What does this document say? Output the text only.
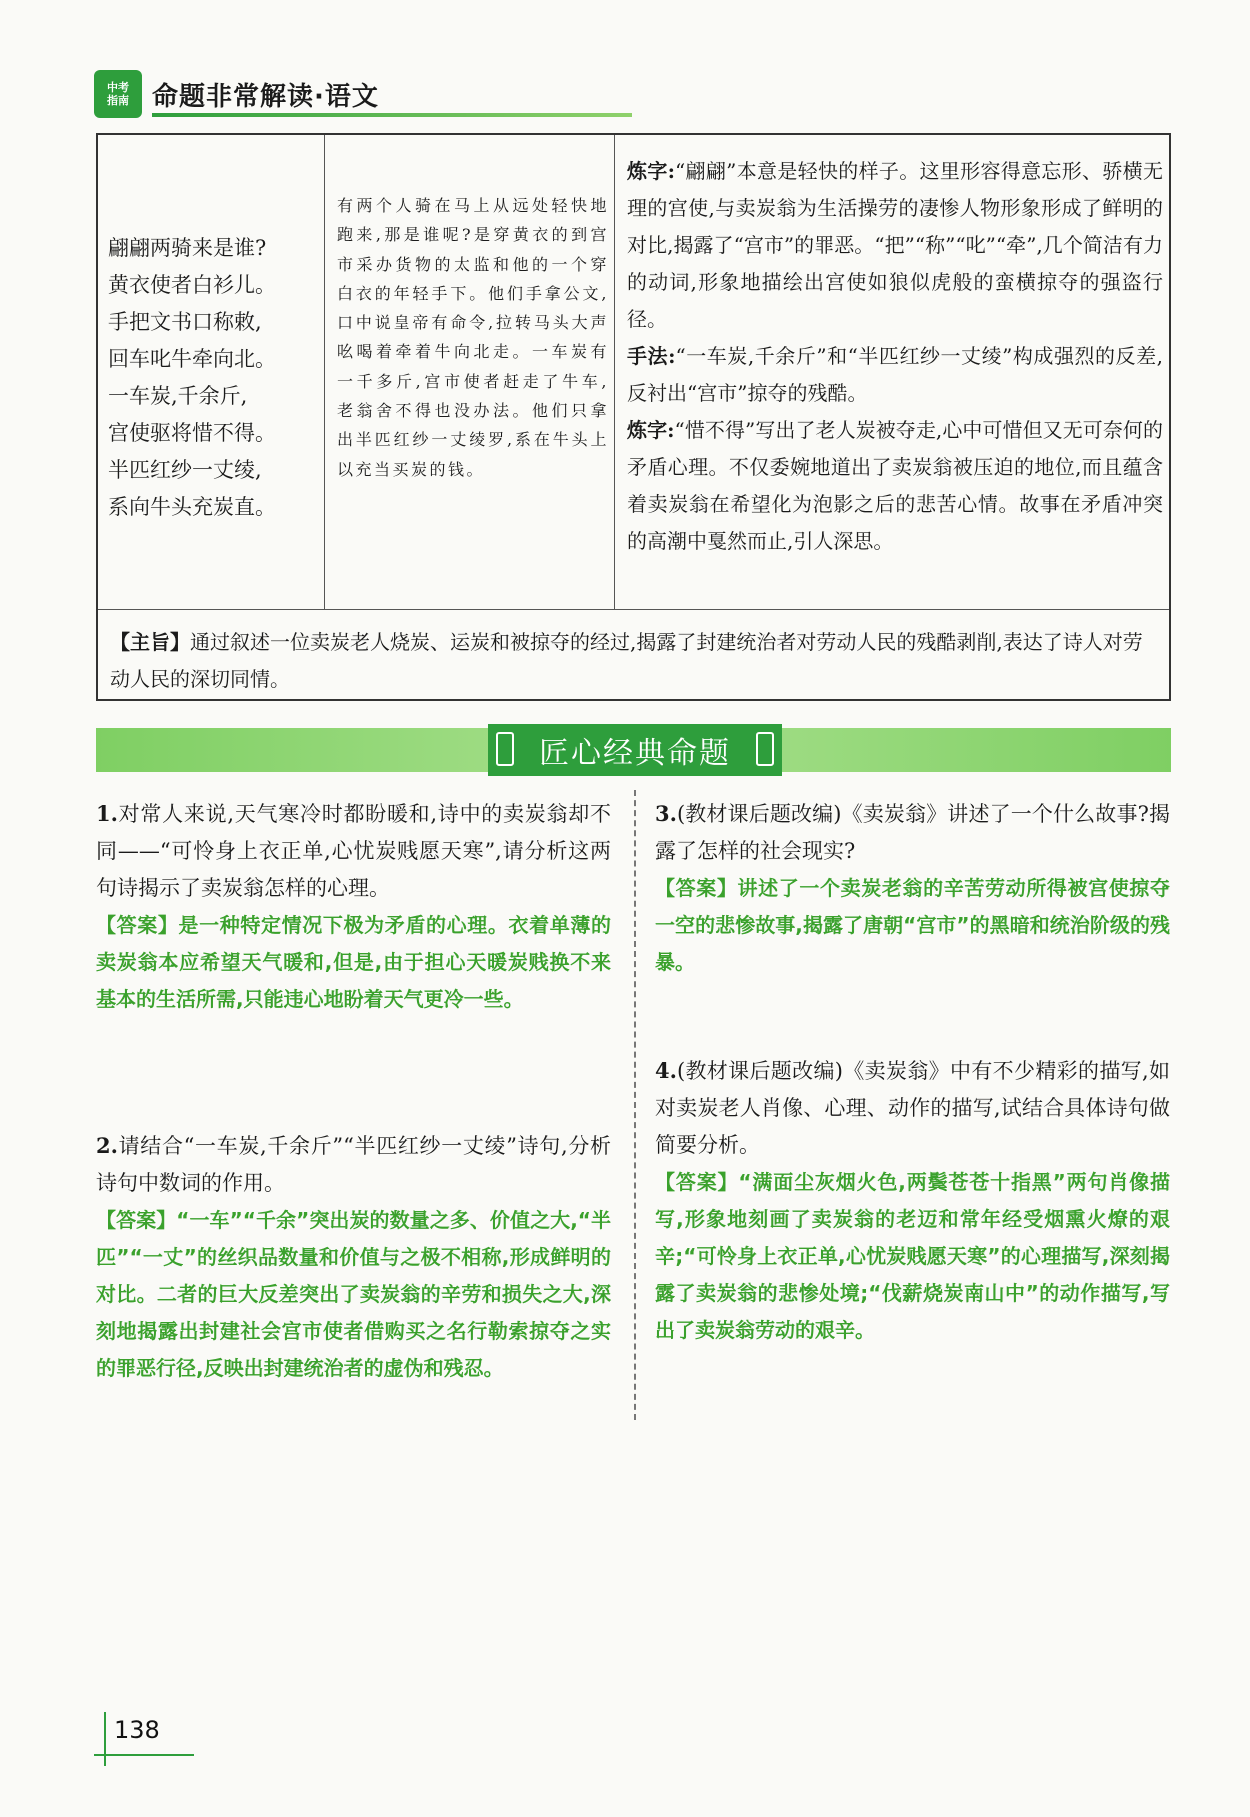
中考
指南 命题非常解读·语文
翩翩两骑来是谁?
黄衣使者白衫儿。
手把文书口称敕,
回车叱牛牵向北。
一车炭,千余斤,
宫使驱将惜不得。
半匹红纱一丈绫,
系向牛头充炭直。
有两个人骑在马上从远处轻快地跑来,那是谁呢?是穿黄衣的到宫市采办货物的太监和他的一个穿白衣的年轻手下。他们手拿公文,口中说皇帝有命令,拉转马头大声吆喝着牵着牛向北走。一车炭有一千多斤,宫市使者赶走了牛车,老翁舍不得也没办法。他们只拿出半匹红纱一丈绫罗,系在牛头上以充当买炭的钱。

炼字:“翩翩”本意是轻快的样子。这里形容得意忘形、骄横无理的宫使,与卖炭翁为生活操劳的凄惨人物形象形成了鲜明的对比,揭露了“宫市”的罪恶。“把”“称”“叱”“牵”,几个简洁有力的动词,形象地描绘出宫使如狼似虎般的蛮横掠夺的强盗行径。

手法:“一车炭,千余斤”和“半匹红纱一丈绫”构成强烈的反差,反衬出“宫市”掠夺的残酷。

炼字:“惜不得”写出了老人炭被夺走,心中可惜但又无可奈何的矛盾心理。不仅委婉地道出了卖炭翁被压迫的地位,而且蕴含着卖炭翁在希望化为泡影之后的悲苦心情。故事在矛盾冲突的高潮中戛然而止,引人深思。

【主旨】通过叙述一位卖炭老人烧炭、运炭和被掠夺的经过,揭露了封建统治者对劳动人民的残酷剥削,表达了诗人对劳动人民的深切同情。
匠心经典命题

1.对常人来说,天气寒冷时都盼暖和,诗中的卖炭翁却不同——“可怜身上衣正单,心忧炭贱愿天寒”,请分析这两句诗揭示了卖炭翁怎样的心理。

【答案】是一种特定情况下极为矛盾的心理。衣着单薄的卖炭翁本应希望天气暖和,但是,由于担心天暖炭贱换不来基本的生活所需,只能违心地盼着天气更冷一些。

2.请结合“一车炭,千余斤”“半匹红纱一丈绫”诗句,分析诗句中数词的作用。

【答案】“一车”“千余”突出炭的数量之多、价值之大,“半匹”“一丈”的丝织品数量和价值与之极不相称,形成鲜明的对比。二者的巨大反差突出了卖炭翁的辛劳和损失之大,深刻地揭露出封建社会宫市使者借购买之名行勒索掠夺之实的罪恶行径,反映出封建统治者的虚伪和残忍。

3.(教材课后题改编)《卖炭翁》讲述了一个什么故事?揭露了怎样的社会现实?

【答案】讲述了一个卖炭老翁的辛苦劳动所得被宫使掠夺一空的悲惨故事,揭露了唐朝“宫市”的黑暗和统治阶级的残暴。

4.(教材课后题改编)《卖炭翁》中有不少精彩的描写,如对卖炭老人肖像、心理、动作的描写,试结合具体诗句做简要分析。

【答案】“满面尘灰烟火色,两鬓苍苍十指黑”两句肖像描写,形象地刻画了卖炭翁的老迈和常年经受烟熏火燎的艰辛;“可怜身上衣正单,心忧炭贱愿天寒”的心理描写,深刻揭露了卖炭翁的悲惨处境;“伐薪烧炭南山中”的动作描写,写出了卖炭翁劳动的艰辛。

138
